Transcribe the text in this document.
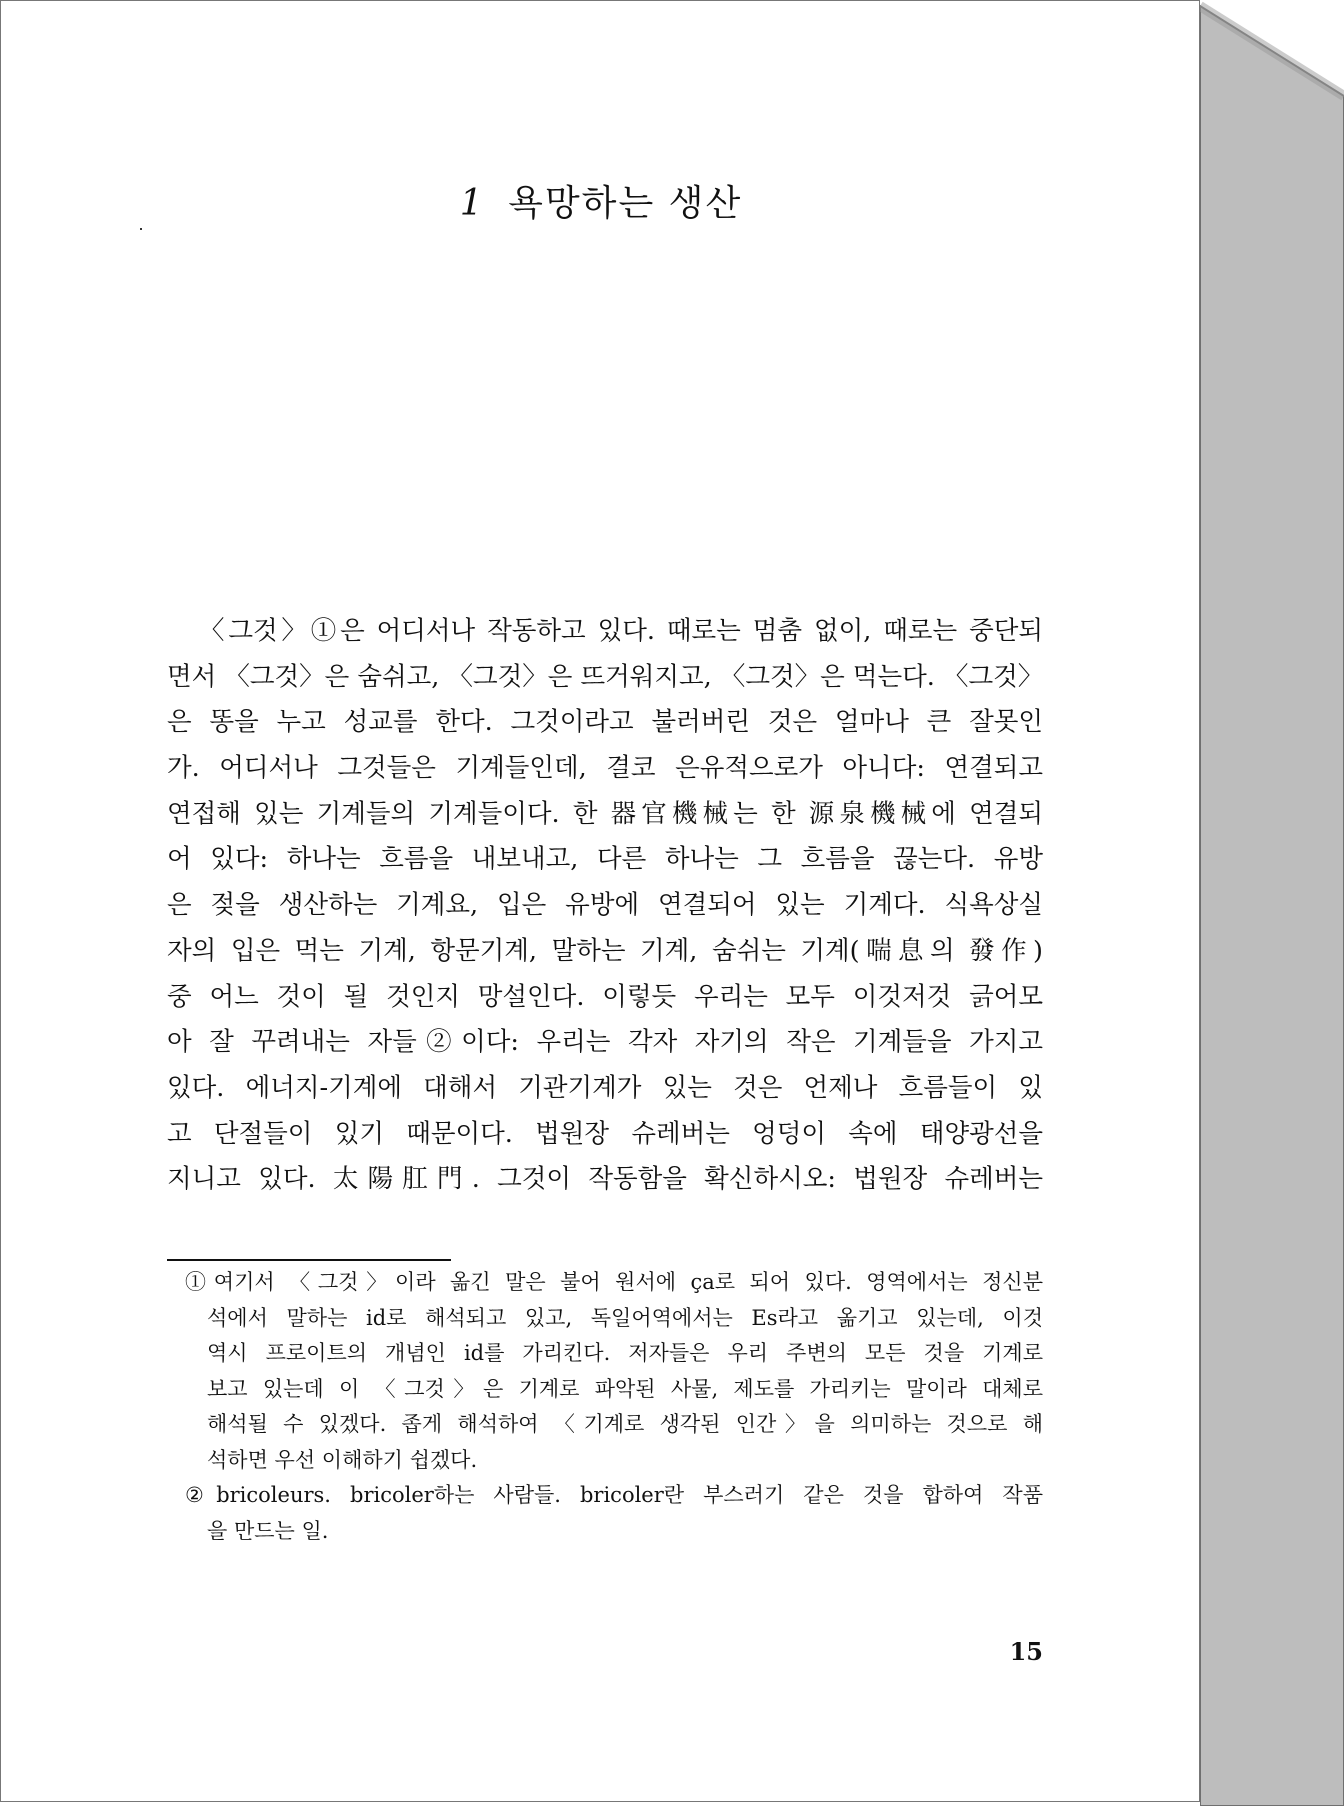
1 욕망하는 생산
〈그것〉①은 어디서나 작동하고 있다. 때로는 멈춤 없이, 때로는 중단되
면서 〈그것〉은 숨쉬고, 〈그것〉은 뜨거워지고, 〈그것〉은 먹는다. 〈그것〉
은 똥을 누고 성교를 한다. 그것이라고 불러버린 것은 얼마나 큰 잘못인
가. 어디서나 그것들은 기계들인데, 결코 은유적으로가 아니다: 연결되고
연접해 있는 기계들의 기계들이다. 한 器官機械는 한 源泉機械에 연결되
어 있다: 하나는 흐름을 내보내고, 다른 하나는 그 흐름을 끊는다. 유방
은 젖을 생산하는 기계요, 입은 유방에 연결되어 있는 기계다. 식욕상실
자의 입은 먹는 기계, 항문기계, 말하는 기계, 숨쉬는 기계(喘息의 發作)
중 어느 것이 될 것인지 망설인다. 이렇듯 우리는 모두 이것저것 긁어모
아 잘 꾸려내는 자들②이다: 우리는 각자 자기의 작은 기계들을 가지고
있다. 에너지-기계에 대해서 기관기계가 있는 것은 언제나 흐름들이 있
고 단절들이 있기 때문이다. 법원장 슈레버는 엉덩이 속에 태양광선을
지니고 있다. 太陽肛門. 그것이 작동함을 확신하시오: 법원장 슈레버는
①여기서 〈그것〉이라 옮긴 말은 불어 원서에 ça로 되어 있다. 영역에서는 정신분
석에서 말하는 id로 해석되고 있고, 독일어역에서는 Es라고 옮기고 있는데, 이것
역시 프로이트의 개념인 id를 가리킨다. 저자들은 우리 주변의 모든 것을 기계로
보고 있는데 이 〈그것〉은 기계로 파악된 사물, 제도를 가리키는 말이라 대체로
해석될 수 있겠다. 좁게 해석하여 〈기계로 생각된 인간〉을 의미하는 것으로 해
석하면 우선 이해하기 쉽겠다.
②bricoleurs. bricoler하는 사람들. bricoler란 부스러기 같은 것을 합하여 작품
을 만드는 일.
15
